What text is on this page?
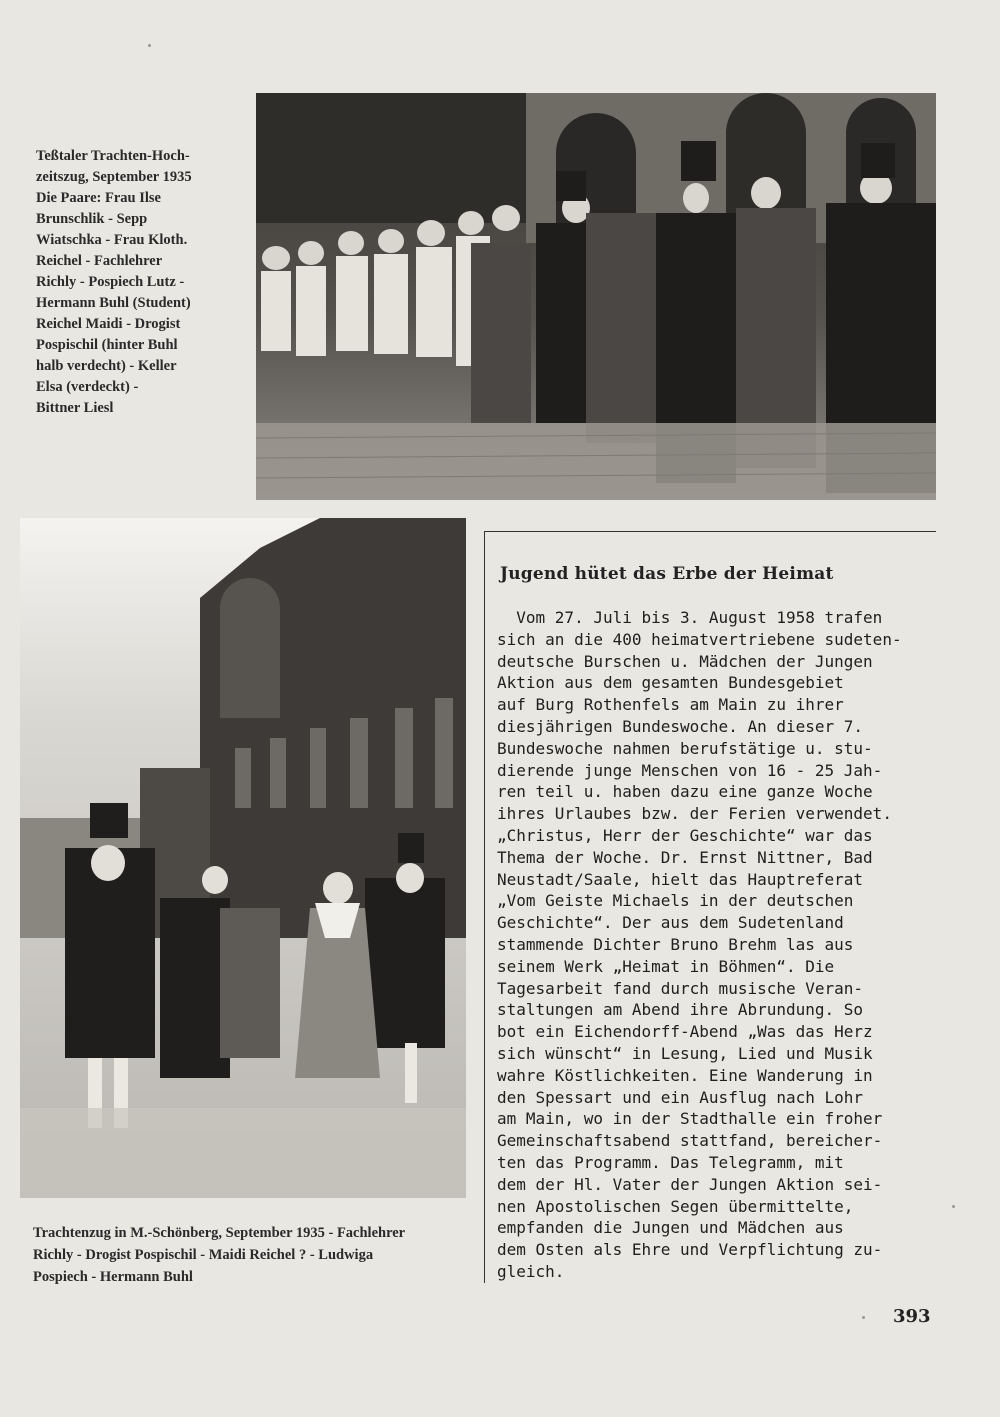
Teßtaler Trachten-Hoch-
zeitszug, September 1935
Die Paare: Frau Ilse
Brunschlik - Sepp
Wiatschka - Frau Kloth.
Reichel - Fachlehrer
Richly - Pospiech Lutz -
Hermann Buhl (Student)
Reichel Maidi - Drogist
Pospischil (hinter Buhl
halb verdecht) - Keller
Elsa (verdeckt) -
Bittner Liesl
Trachtenzug in M.-Schönberg, September 1935 - Fachlehrer
Richly - Drogist Pospischil - Maidi Reichel ? - Ludwiga
Pospiech - Hermann Buhl
Jugend hütet das Erbe der Heimat
Vom 27. Juli bis 3. August 1958 trafen
sich an die 400 heimatvertriebene sudeten-
deutsche Burschen u. Mädchen der Jungen
Aktion aus dem gesamten Bundesgebiet
auf Burg Rothenfels am Main zu ihrer
diesjährigen Bundeswoche. An dieser 7.
Bundeswoche nahmen berufstätige u. stu-
dierende junge Menschen von 16 - 25 Jah-
ren teil u. haben dazu eine ganze Woche
ihres Urlaubes bzw. der Ferien verwendet.
„Christus, Herr der Geschichte“ war das
Thema der Woche. Dr. Ernst Nittner, Bad
Neustadt/Saale, hielt das Hauptreferat
„Vom Geiste Michaels in der deutschen
Geschichte“. Der aus dem Sudetenland
stammende Dichter Bruno Brehm las aus
seinem Werk „Heimat in Böhmen“. Die
Tagesarbeit fand durch musische Veran-
staltungen am Abend ihre Abrundung. So
bot ein Eichendorff-Abend „Was das Herz
sich wünscht“ in Lesung, Lied und Musik
wahre Köstlichkeiten. Eine Wanderung in
den Spessart und ein Ausflug nach Lohr
am Main, wo in der Stadthalle ein froher
Gemeinschaftsabend stattfand, bereicher-
ten das Programm. Das Telegramm, mit
dem der Hl. Vater der Jungen Aktion sei-
nen Apostolischen Segen übermittelte,
empfanden die Jungen und Mädchen aus
dem Osten als Ehre und Verpflichtung zu-
gleich.
393
